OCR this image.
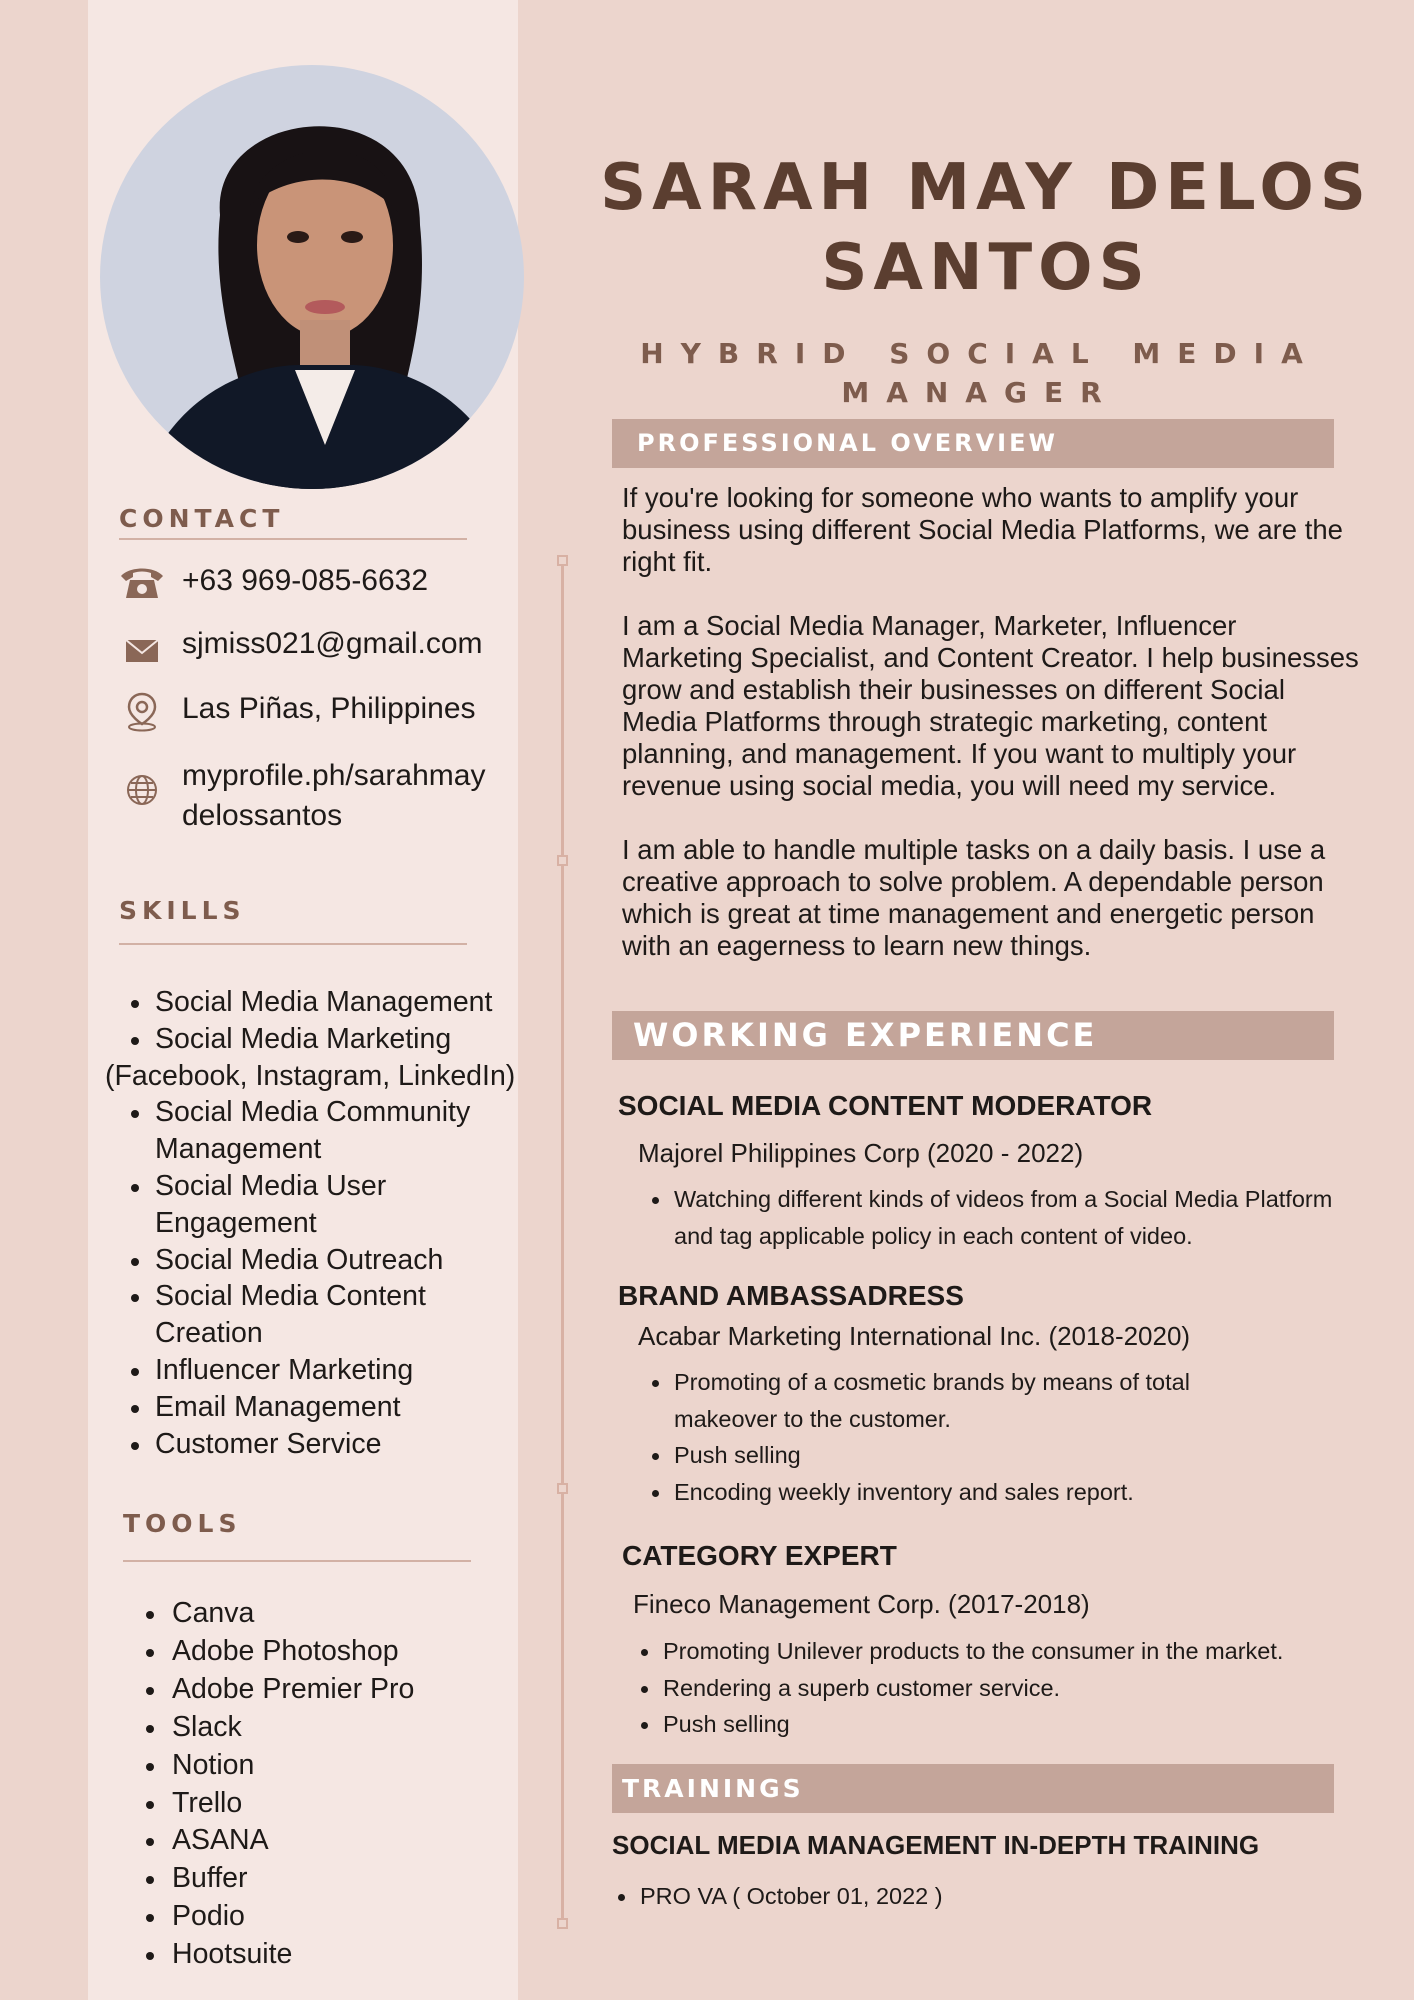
CONTACT
+63 969-085-6632
sjmiss021@gmail.com
Las Piñas, Philippines
myprofile.ph/sarahmay delossantos
SKILLS
Social Media Management
Social Media Marketing
(Facebook, Instagram, LinkedIn)
Social Media Community Management
Social Media User Engagement
Social Media Outreach
Social Media Content Creation
Influencer Marketing
Email Management
Customer Service
TOOLS
Canva
Adobe Photoshop
Adobe Premier Pro
Slack
Notion
Trello
ASANA
Buffer
Podio
Hootsuite
SARAH MAY DELOS SANTOS
HYBRID SOCIAL MEDIA MANAGER
PROFESSIONAL OVERVIEW

If you're looking for someone who wants to amplify your business using different Social Media Platforms, we are the right fit.

I am a Social Media Manager, Marketer, Influencer Marketing Specialist, and Content Creator. I help businesses grow and establish their businesses on different Social Media Platforms through strategic marketing, content planning, and management. If you want to multiply your revenue using social media, you will need my service.

I am able to handle multiple tasks on a daily basis. I use a creative approach to solve problem. A dependable person which is great at time management and energetic person with an eagerness to learn new things.

WORKING EXPERIENCE
SOCIAL MEDIA CONTENT MODERATOR
Majorel Philippines Corp (2020 - 2022)
Watching different kinds of videos from a Social Media Platform and tag applicable policy in each content of video.
BRAND AMBASSADRESS
Acabar Marketing International Inc. (2018-2020)
Promoting of a cosmetic brands by means of total makeover to the customer.
Push selling
Encoding weekly inventory and sales report.
CATEGORY EXPERT
Fineco Management Corp. (2017-2018)
Promoting Unilever products to the consumer in the market.
Rendering a superb customer service.
Push selling
TRAININGS
SOCIAL MEDIA MANAGEMENT IN-DEPTH TRAINING
PRO VA ( October 01, 2022 )
